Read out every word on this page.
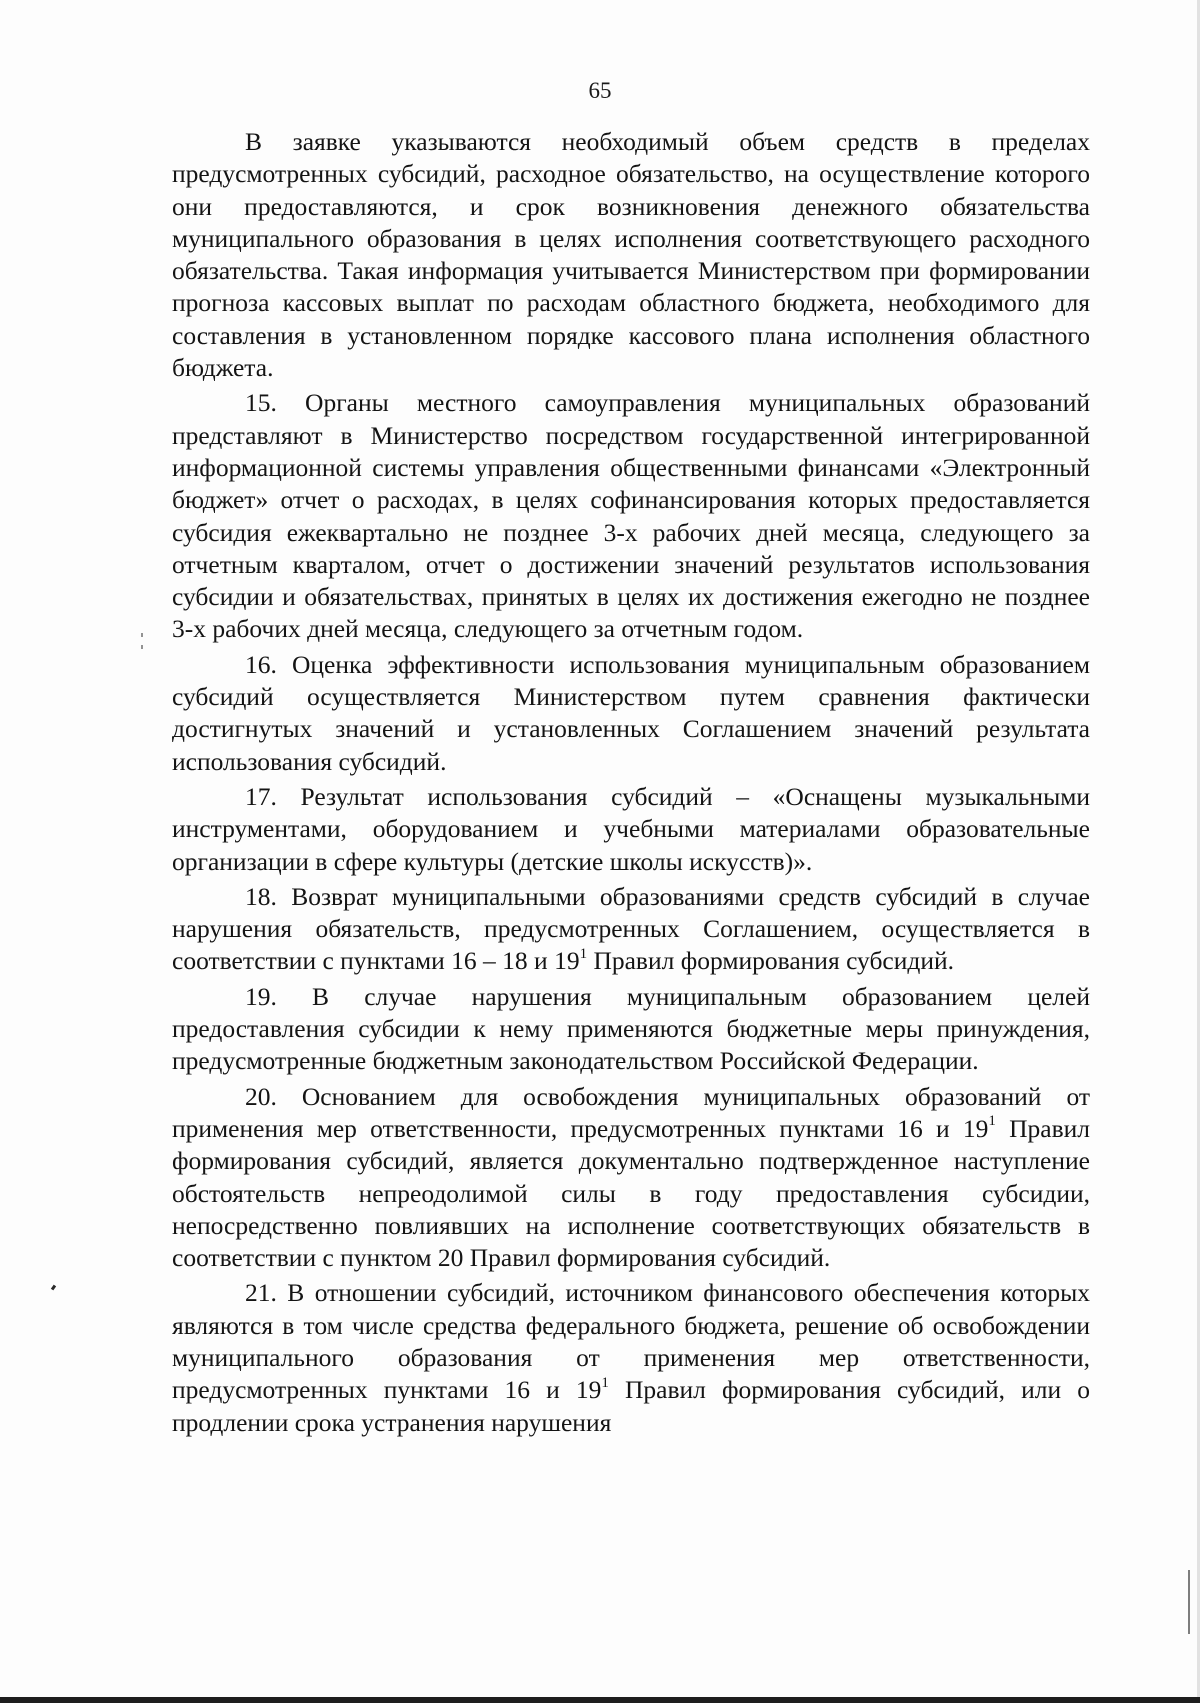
65

В заявке указываются необходимый объем средств в пределах предусмотренных субсидий, расходное обязательство, на осуществление которого они предоставляются, и срок возникновения денежного обязательства муниципального образования в целях исполнения соответствующего расходного обязательства. Такая информация учитывается Министерством при формировании прогноза кассовых выплат по расходам областного бюджета, необходимого для составления в установленном порядке кассового плана исполнения областного бюджета.

15. Органы местного самоуправления муниципальных образований представляют в Министерство посредством государственной интегрированной информационной системы управления общественными финансами «Электронный бюджет» отчет о расходах, в целях софинансирования которых предоставляется субсидия ежеквартально не позднее 3-х рабочих дней месяца, следующего за отчетным кварталом, отчет о достижении значений результатов использования субсидии и обязательствах, принятых в целях их достижения ежегодно не позднее 3-х рабочих дней месяца, следующего за отчетным годом.

16. Оценка эффективности использования муниципальным образованием субсидий осуществляется Министерством путем сравнения фактически достигнутых значений и установленных Соглашением значений результата использования субсидий.

17. Результат использования субсидий – «Оснащены музыкальными инструментами, оборудованием и учебными материалами образовательные организации в сфере культуры (детские школы искусств)».

18. Возврат муниципальными образованиями средств субсидий в случае нарушения обязательств, предусмотренных Соглашением, осуществляется в соответствии с пунктами 16 – 18 и $19^1$ Правил формирования субсидий.

19. В случае нарушения муниципальным образованием целей предоставления субсидии к нему применяются бюджетные меры принуждения, предусмотренные бюджетным законодательством Российской Федерации.

20. Основанием для освобождения муниципальных образований от применения мер ответственности, предусмотренных пунктами 16 и $19^1$ Правил формирования субсидий, является документально подтвержденное наступление обстоятельств непреодолимой силы в году предоставления субсидии, непосредственно повлиявших на исполнение соответствующих обязательств в соответствии с пунктом 20 Правил формирования субсидий.

21. В отношении субсидий, источником финансового обеспечения которых являются в том числе средства федерального бюджета, решение об освобождении муниципального образования от применения мер ответственности, предусмотренных пунктами 16 и $19^1$ Правил формирования субсидий, или о продлении срока устранения нарушения
